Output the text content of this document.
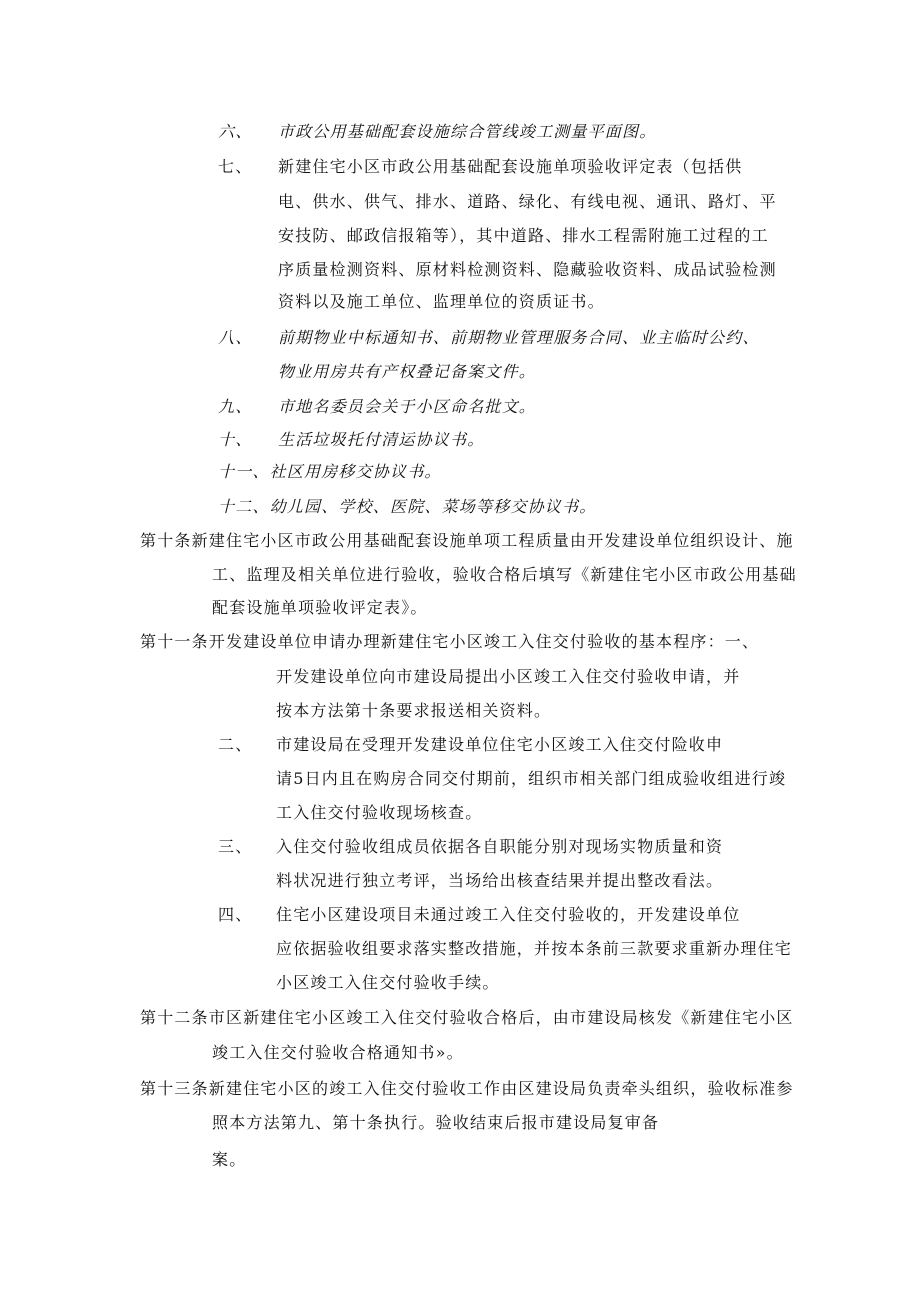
六、 市政公用基础配套设施综合管线竣工测量平面图。
七、 新建住宅小区市政公用基础配套设施单项验收评定表（包括供
电、供水、供气、排水、道路、绿化、有线电视、通讯、路灯、平
安技防、邮政信报箱等），其中道路、排水工程需附施工过程的工
序质量检测资料、原材料检测资料、隐藏验收资料、成品试验检测
资料以及施工单位、监理单位的资质证书。
八、 前期物业中标通知书、前期物业管理服务合同、业主临时公约、
物业用房共有产权叠记备案文件。
九、 市地名委员会关于小区命名批文。
十、 生活垃圾托付清运协议书。
十一、社区用房移交协议书。
十二、幼儿园、学校、医院、菜场等移交协议书。
第十条新建住宅小区市政公用基础配套设施单项工程质量由开发建设单位组织设计、施
工、监理及相关单位进行验收，验收合格后填写《新建住宅小区市政公用基础
配套设施单项验收评定表》。
第十一条开发建设单位申请办理新建住宅小区竣工入住交付验收的基本程序：一、
开发建设单位向市建设局提出小区竣工入住交付验收申请，并
按本方法第十条要求报送相关资料。
二、 市建设局在受理开发建设单位住宅小区竣工入住交付险收申
请5日内且在购房合同交付期前，组织市相关部门组成验收组进行竣
工入住交付验收现场核查。
三、 入住交付验收组成员依据各自职能分别对现场实物质量和资
料状况进行独立考评，当场给出核查结果并提出整改看法。
四、 住宅小区建设项目未通过竣工入住交付验收的，开发建设单位
应依据验收组要求落实整改措施，并按本条前三款要求重新办理住宅
小区竣工入住交付验收手续。
第十二条市区新建住宅小区竣工入住交付验收合格后，由市建设局核发《新建住宅小区
竣工入住交付验收合格通知书»。
第十三条新建住宅小区的竣工入住交付验收工作由区建设局负责牵头组织，验收标准参
照本方法第九、第十条执行。验收结束后报市建设局复审备
案。
